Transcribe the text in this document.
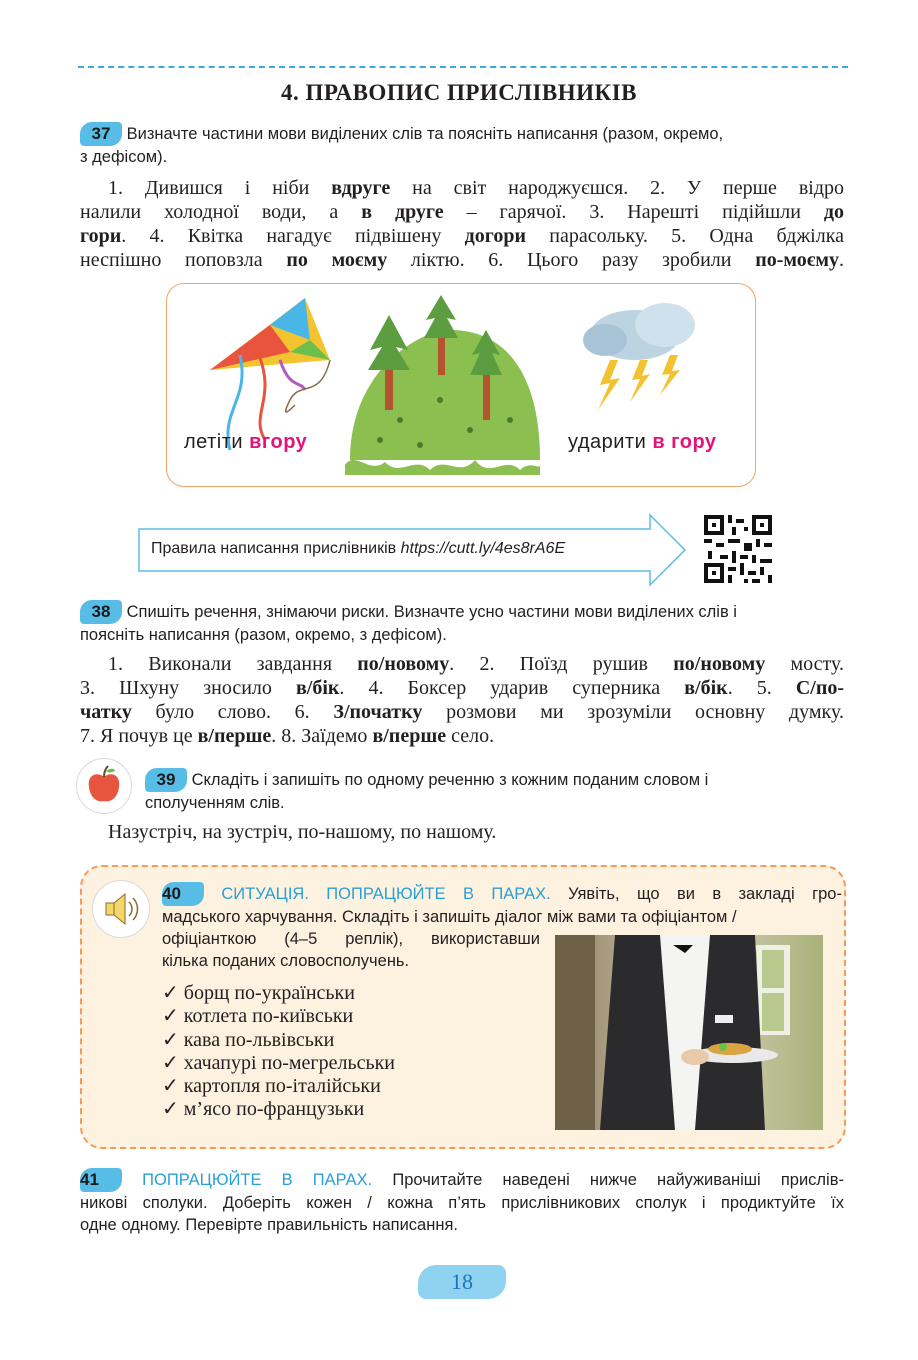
4. ПРАВОПИС ПРИСЛІВНИКІВ
37 Визначте частини мови виділених слів та поясніть написання (разом, окремо,
з дефісом).
1. Дивишся і ніби вдруге на світ народжуєшся. 2. У перше відро
налили холодної води, а в друге – гарячої. 3. Нарешті підійшли до
гори. 4. Квітка нагадує підвішену догори парасольку. 5. Одна бджілка
неспішно поповзла по моєму ліктю. 6. Цього разу зробили по-моєму.
летіти вгору	ударити в гору
Правила написання прислівників https://cutt.ly/4es8rA6E
38 Спишіть речення, знімаючи риски. Визначте усно частини мови виділених слів і
поясніть написання (разом, окремо, з дефісом).
1. Виконали завдання по/новому. 2. Поїзд рушив по/новому мосту.
3. Шхуну зносило в/бік. 4. Боксер ударив суперника в/бік. 5. С/по-
чатку було слово. 6. З/початку розмови ми зрозуміли основну думку.
7. Я почув це в/перше. 8. Заїдемо в/перше село.
39 Складіть і запишіть по одному реченню з кожним поданим словом і
сполученням слів.
Назустріч, на зустріч, по-нашому, по нашому.
40 СИТУАЦІЯ. ПОПРАЦЮЙТЕ В ПАРАХ. Уявіть, що ви в закладі гро-
мадського харчування. Складіть і запишіть діалог між вами та офіціантом /
офіціанткою (4–5 реплік), використавши
кілька поданих словосполучень.
✓ борщ по-українськи
✓ котлета по-київськи
✓ кава по-львівськи
✓ хачапурі по-мегрельськи
✓ картопля по-італійськи
✓ м’ясо по-французьки
41	ПОПРАЦЮЙТЕ В ПАРАХ. Прочитайте наведені нижче найуживаніші прислів-
никові сполуки. Доберіть кожен / кожна п’ять прислівникових сполук і продиктуйте їх
одне одному. Перевірте правильність написання.
18
